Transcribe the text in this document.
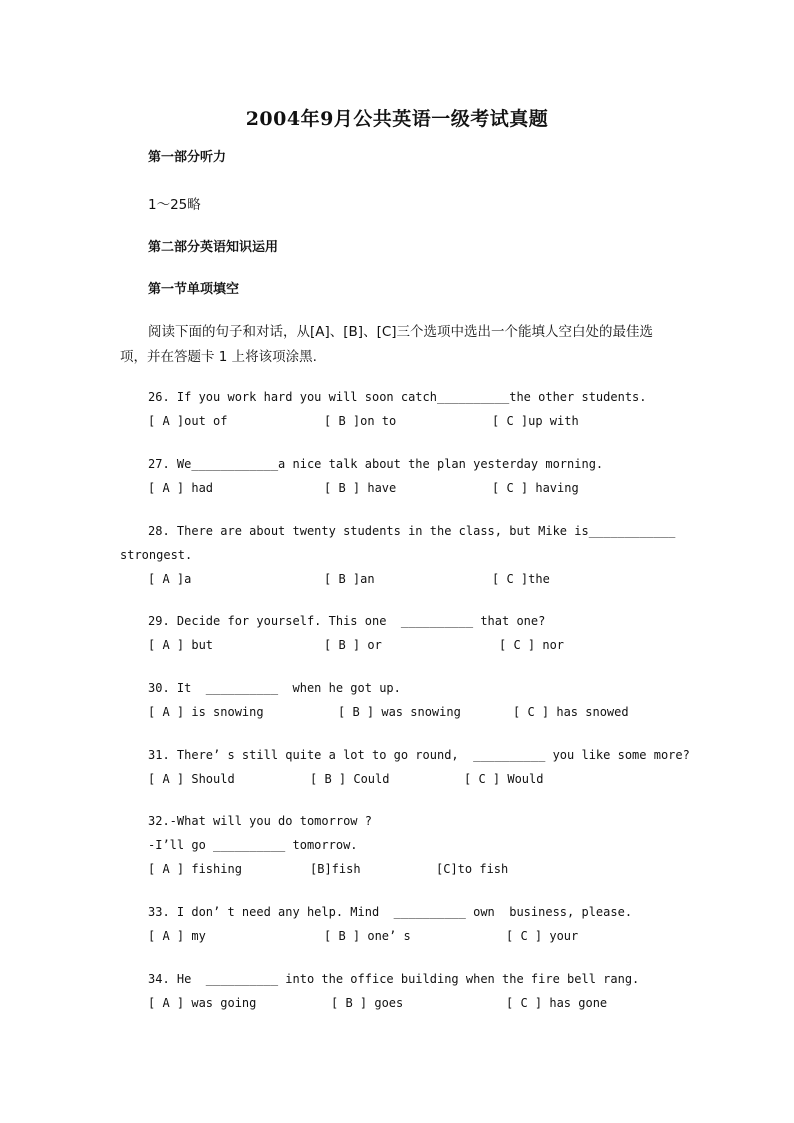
2004年9月公共英语一级考试真题
第一部分听力
1～25略
第二部分英语知识运用
第一节单项填空
阅读下面的句子和对话，从[A]、[B]、[C]三个选项中选出一个能填人空白处的最佳选
项，并在答题卡 1 上将该项涂黑.
26. If you work hard you will soon catch__________the other students.
[ A ]out of	[ B ]on to	[ C ]up with
27. We____________a nice talk about the plan yesterday morning.
[ A ] had	[ B ] have	[ C ] having
28. There are about twenty students in the class, but Mike is____________
strongest.
[ A ]a	[ B ]an	[ C ]the
29. Decide for yourself. This one  __________ that one?
[ A ] but	[ B ] or	[ C ] nor
30. It  __________  when he got up.
[ A ] is snowing	[ B ] was snowing	[ C ] has snowed
31. There’ s still quite a lot to go round,  __________ you like some more?
[ A ] Should	[ B ] Could	[ C ] Would
32.-What will you do tomorrow ?
-I’ll go __________ tomorrow.
[ A ] fishing	[B]fish	[C]to fish
33. I don’ t need any help. Mind  __________ own  business, please.
[ A ] my	[ B ] one’ s	[ C ] your
34. He  __________ into the office building when the fire bell rang.
[ A ] was going	[ B ] goes	[ C ] has gone
